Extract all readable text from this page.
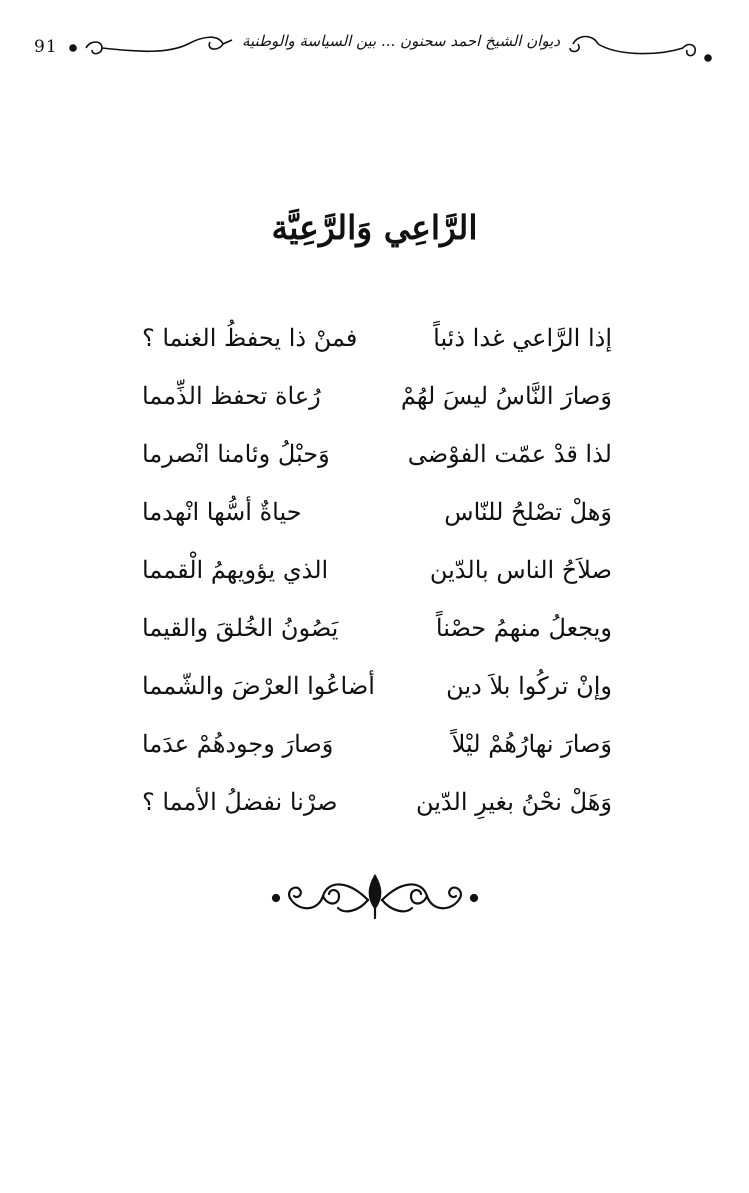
91	ديوان الشيخ احمد سحنون ... بين السياسة والوطنية
الرَّاعِي وَالرَّعِيَّة
إذا الرَّاعي غدا ذئباً
فمنْ ذا يحفظُ الغنما ؟
وَصارَ النَّاسُ ليسَ لهُمْ
رُعاة تحفظ الذِّمما
لذا قدْ عمّت الفوْضى
وَحبْلُ وئامنا انْصرما
وَهلْ تصْلحُ للنّاس
حياةٌ أسُّها انْهدما
صلاَحُ الناس بالدّين
الذي يؤويهمُ الْقمما
ويجعلُ منهمُ حصْناً
يَصُونُ الخُلقَ والقيما
وإنْ تركُوا بلاَ دين
أضاعُوا العرْضَ والشّمما
وَصارَ نهارُهُمْ ليْلاً
وَصارَ وجودهُمْ عدَما
وَهَلْ نحْنُ بغيرِ الدّين
صرْنا نفضلُ الأمما ؟
